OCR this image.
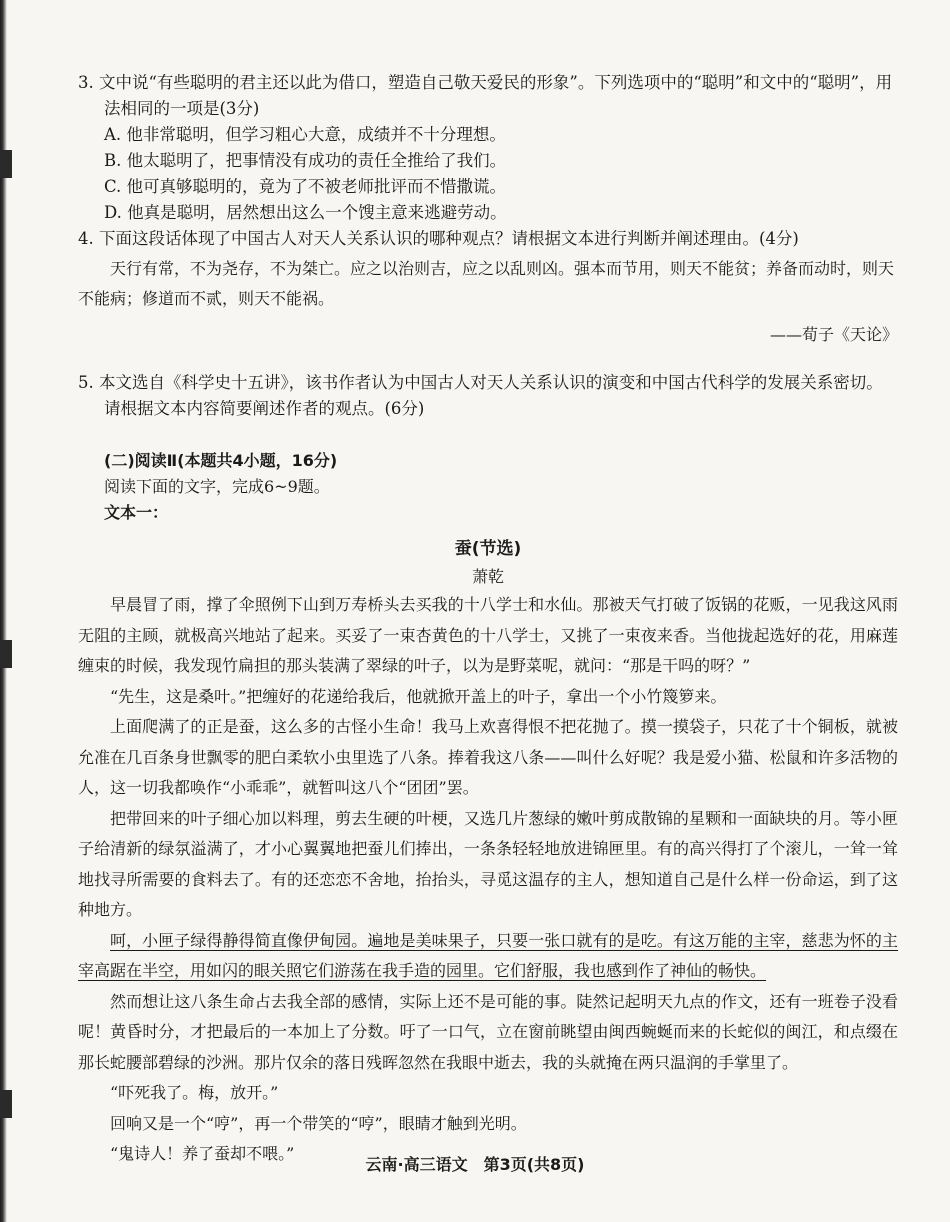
3. 文中说“有些聪明的君主还以此为借口，塑造自己敬天爱民的形象”。下列选项中的“聪明”和文中的“聪明”，用法相同的一项是(3分)
A. 他非常聪明，但学习粗心大意，成绩并不十分理想。
B. 他太聪明了，把事情没有成功的责任全推给了我们。
C. 他可真够聪明的，竟为了不被老师批评而不惜撒谎。
D. 他真是聪明，居然想出这么一个馊主意来逃避劳动。
4. 下面这段话体现了中国古人对天人关系认识的哪种观点？请根据文本进行判断并阐述理由。(4分)
天行有常，不为尧存，不为桀亡。应之以治则吉，应之以乱则凶。强本而节用，则天不能贫；养备而动时，则天不能病；修道而不贰，则天不能祸。
——荀子《天论》
5. 本文选自《科学史十五讲》，该书作者认为中国古人对天人关系认识的演变和中国古代科学的发展关系密切。请根据文本内容简要阐述作者的观点。(6分)
(二)阅读Ⅱ(本题共4小题，16分)
阅读下面的文字，完成6~9题。
文本一：
蚕(节选)
萧乾
早晨冒了雨，撑了伞照例下山到万寿桥头去买我的十八学士和水仙。那被天气打破了饭锅的花贩，一见我这风雨无阻的主顾，就极高兴地站了起来。买妥了一束杏黄色的十八学士，又挑了一束夜来香。当他拢起选好的花，用麻莲缠束的时候，我发现竹扁担的那头装满了翠绿的叶子，以为是野菜呢，就问：“那是干吗的呀？”
“先生，这是桑叶。”把缠好的花递给我后，他就掀开盖上的叶子，拿出一个小竹篾箩来。
上面爬满了的正是蚕，这么多的古怪小生命！我马上欢喜得恨不把花抛了。摸一摸袋子，只花了十个铜板，就被允准在几百条身世飘零的肥白柔软小虫里选了八条。捧着我这八条——叫什么好呢？我是爱小猫、松鼠和许多活物的人，这一切我都唤作“小乖乖”，就暂叫这八个“团团”罢。
把带回来的叶子细心加以料理，剪去生硬的叶梗，又选几片葱绿的嫩叶剪成散锦的星颗和一面缺块的月。等小匣子给清新的绿氛溢满了，才小心翼翼地把蚕儿们捧出，一条条轻轻地放进锦匣里。有的高兴得打了个滚儿，一耸一耸地找寻所需要的食料去了。有的还恋恋不舍地，抬抬头，寻觅这温存的主人，想知道自己是什么样一份命运，到了这种地方。
呵，小匣子绿得静得简直像伊甸园。遍地是美味果子，只要一张口就有的是吃。有这万能的主宰，慈悲为怀的主宰高踞在半空，用如闪的眼关照它们游荡在我手造的园里。它们舒服，我也感到作了神仙的畅快。
然而想让这八条生命占去我全部的感情，实际上还不是可能的事。陡然记起明天九点的作文，还有一班卷子没看呢！黄昏时分，才把最后的一本加上了分数。吁了一口气，立在窗前眺望由闽西蜿蜒而来的长蛇似的闽江，和点缀在那长蛇腰部碧绿的沙洲。那片仅余的落日残晖忽然在我眼中逝去，我的头就掩在两只温润的手掌里了。
“吓死我了。梅，放开。”
回响又是一个“哼”，再一个带笑的“哼”，眼睛才触到光明。
“鬼诗人！养了蚕却不喂。”
云南·高三语文　第3页(共8页)
